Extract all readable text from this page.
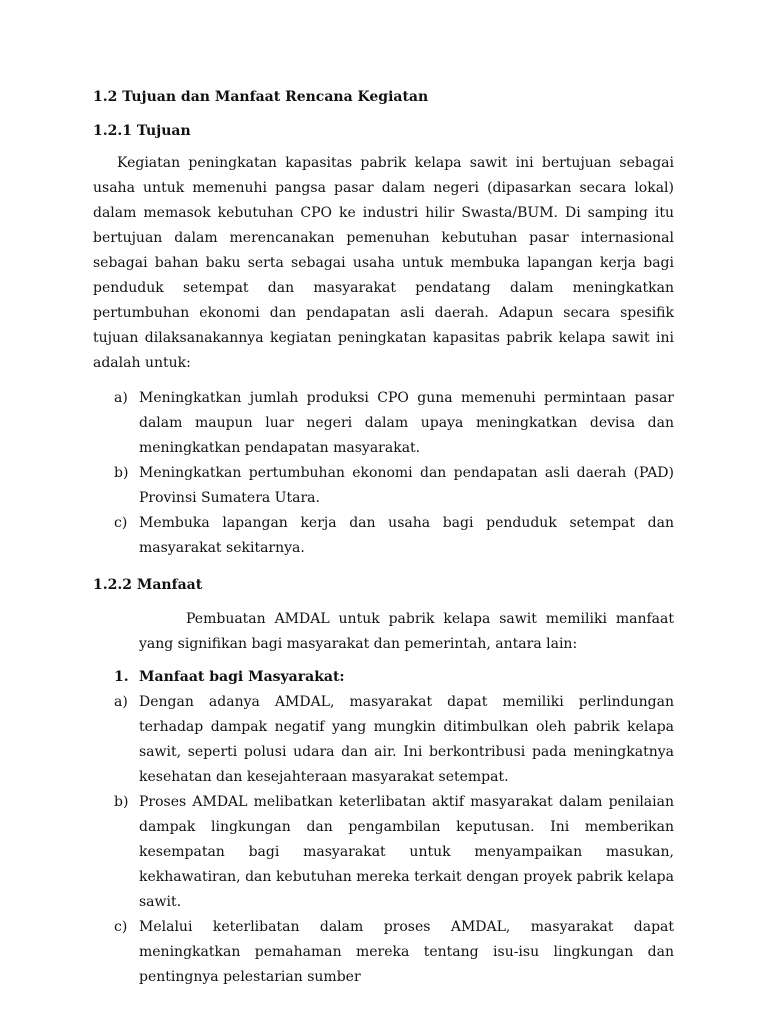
1.2 Tujuan dan Manfaat Rencana Kegiatan

1.2.1 Tujuan

Kegiatan peningkatan kapasitas pabrik kelapa sawit ini bertujuan sebagai usaha untuk memenuhi pangsa pasar dalam negeri (dipasarkan secara lokal) dalam memasok kebutuhan CPO ke industri hilir Swasta/BUM. Di samping itu bertujuan dalam merencanakan pemenuhan kebutuhan pasar internasional sebagai bahan baku serta sebagai usaha untuk membuka lapangan kerja bagi penduduk setempat dan masyarakat pendatang dalam meningkatkan pertumbuhan ekonomi dan pendapatan asli daerah. Adapun secara spesifik tujuan dilaksanakannya kegiatan peningkatan kapasitas pabrik kelapa sawit ini adalah untuk:

a) Meningkatkan jumlah produksi CPO guna memenuhi permintaan pasar dalam maupun luar negeri dalam upaya meningkatkan devisa dan meningkatkan pendapatan masyarakat.
b) Meningkatkan pertumbuhan ekonomi dan pendapatan asli daerah (PAD) Provinsi Sumatera Utara.
c) Membuka lapangan kerja dan usaha bagi penduduk setempat dan masyarakat sekitarnya.

1.2.2 Manfaat

Pembuatan AMDAL untuk pabrik kelapa sawit memiliki manfaat yang signifikan bagi masyarakat dan pemerintah, antara lain:

1. Manfaat bagi Masyarakat:
a) Dengan adanya AMDAL, masyarakat dapat memiliki perlindungan terhadap dampak negatif yang mungkin ditimbulkan oleh pabrik kelapa sawit, seperti polusi udara dan air. Ini berkontribusi pada meningkatnya kesehatan dan kesejahteraan masyarakat setempat.
b) Proses AMDAL melibatkan keterlibatan aktif masyarakat dalam penilaian dampak lingkungan dan pengambilan keputusan. Ini memberikan kesempatan bagi masyarakat untuk menyampaikan masukan, kekhawatiran, dan kebutuhan mereka terkait dengan proyek pabrik kelapa sawit.
c) Melalui keterlibatan dalam proses AMDAL, masyarakat dapat meningkatkan pemahaman mereka tentang isu-isu lingkungan dan pentingnya pelestarian sumber
